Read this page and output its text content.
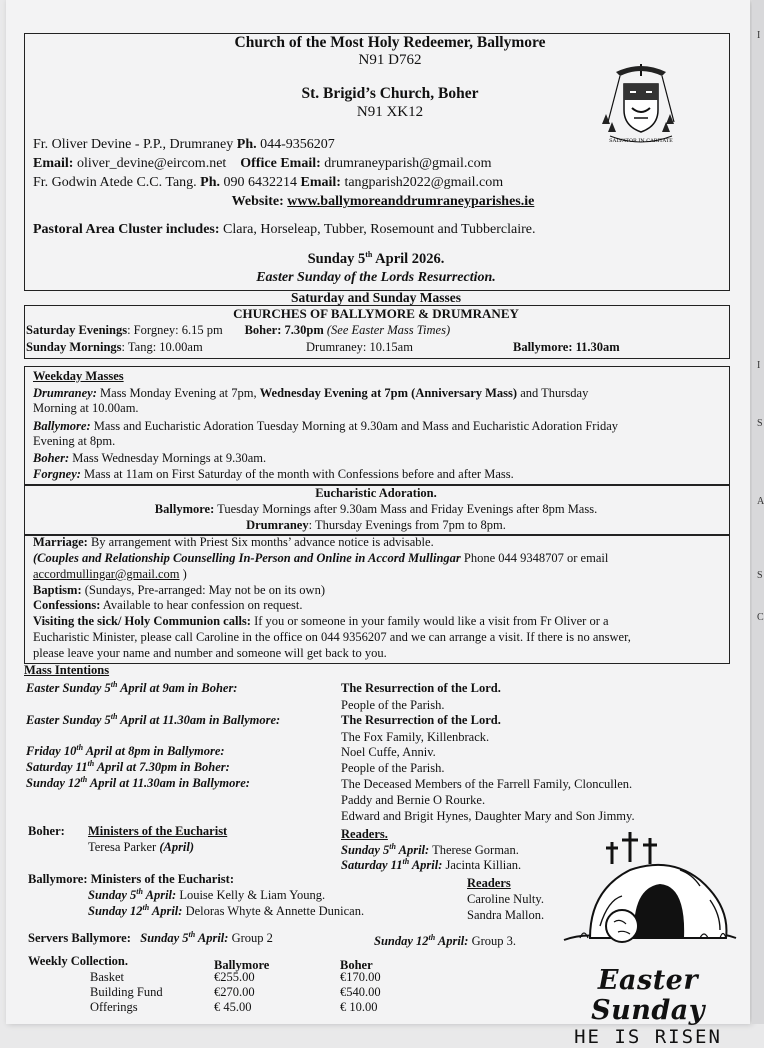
Church of the Most Holy Redeemer, Ballymore
N91 D762
St. Brigid’s Church, Boher
N91 XK12
SALVATOR IN CARITATE
Fr. Oliver Devine - P.P., Drumraney Ph. 044-9356207
Email: oliver_devine@eircom.net Office Email: drumraneyparish@gmail.com
Fr. Godwin Atede C.C. Tang. Ph. 090 6432214 Email: tangparish2022@gmail.com
Website: www.ballymoreanddrumraneyparishes.ie
Pastoral Area Cluster includes: Clara, Horseleap, Tubber, Rosemount and Tubberclaire.
Sunday 5th April 2026.
Easter Sunday of the Lords Resurrection.
Saturday and Sunday Masses
CHURCHES OF BALLYMORE & DRUMRANEY
Saturday Evenings: Forgney: 6.15 pm Boher: 7.30pm (See Easter Mass Times)
Sunday Mornings: Tang: 10.00am	Drumraney: 10.15am	Ballymore: 11.30am
Weekday Masses
Drumraney: Mass Monday Evening at 7pm, Wednesday Evening at 7pm (Anniversary Mass) and Thursday
Morning at 10.00am.
Ballymore: Mass and Eucharistic Adoration Tuesday Morning at 9.30am and Mass and Eucharistic Adoration Friday
Evening at 8pm.
Boher: Mass Wednesday Mornings at 9.30am.
Forgney: Mass at 11am on First Saturday of the month with Confessions before and after Mass.
Eucharistic Adoration.
Ballymore: Tuesday Mornings after 9.30am Mass and Friday Evenings after 8pm Mass.
Drumraney: Thursday Evenings from 7pm to 8pm.
Marriage: By arrangement with Priest Six months’ advance notice is advisable.
(Couples and Relationship Counselling In-Person and Online in Accord Mullingar Phone 044 9348707 or email
accordmullingar@gmail.com )
Baptism: (Sundays, Pre-arranged: May not be on its own)
Confessions: Available to hear confession on request.
Visiting the sick/ Holy Communion calls: If you or someone in your family would like a visit from Fr Oliver or a
Eucharistic Minister, please call Caroline in the office on 044 9356207 and we can arrange a visit. If there is no answer,
please leave your name and number and someone will get back to you.
Mass Intentions
Easter Sunday 5th April at 9am in Boher:	The Resurrection of the Lord.
People of the Parish.
Easter Sunday 5th April at 11.30am in Ballymore:	The Resurrection of the Lord.
The Fox Family, Killenbrack.
Friday 10th April at 8pm in Ballymore:	Noel Cuffe, Anniv.
Saturday 11th April at 7.30pm in Boher:	People of the Parish.
Sunday 12th April at 11.30am in Ballymore:	The Deceased Members of the Farrell Family, Cloncullen.
Paddy and Bernie O Rourke.
Edward and Brigit Hynes, Daughter Mary and Son Jimmy.
Boher: Ministers of the Eucharist
Teresa Parker (April)
Readers.
Sunday 5th April: Therese Gorman.
Saturday 11th April: Jacinta Killian.
Ballymore: Ministers of the Eucharist:
Sunday 5th April: Louise Kelly & Liam Young.
Sunday 12th April: Deloras Whyte & Annette Dunican.
Readers
Caroline Nulty.
Sandra Mallon.
Servers Ballymore: Sunday 5th April: Group 2	Sunday 12th April: Group 3.
Weekly Collection.	Ballymore	Boher
Basket	€255.00	€170.00
Building Fund	€270.00	€540.00
Offerings	€ 45.00	€ 10.00
Easter Sunday
HE IS RISEN
I
I
S
A
S
C
